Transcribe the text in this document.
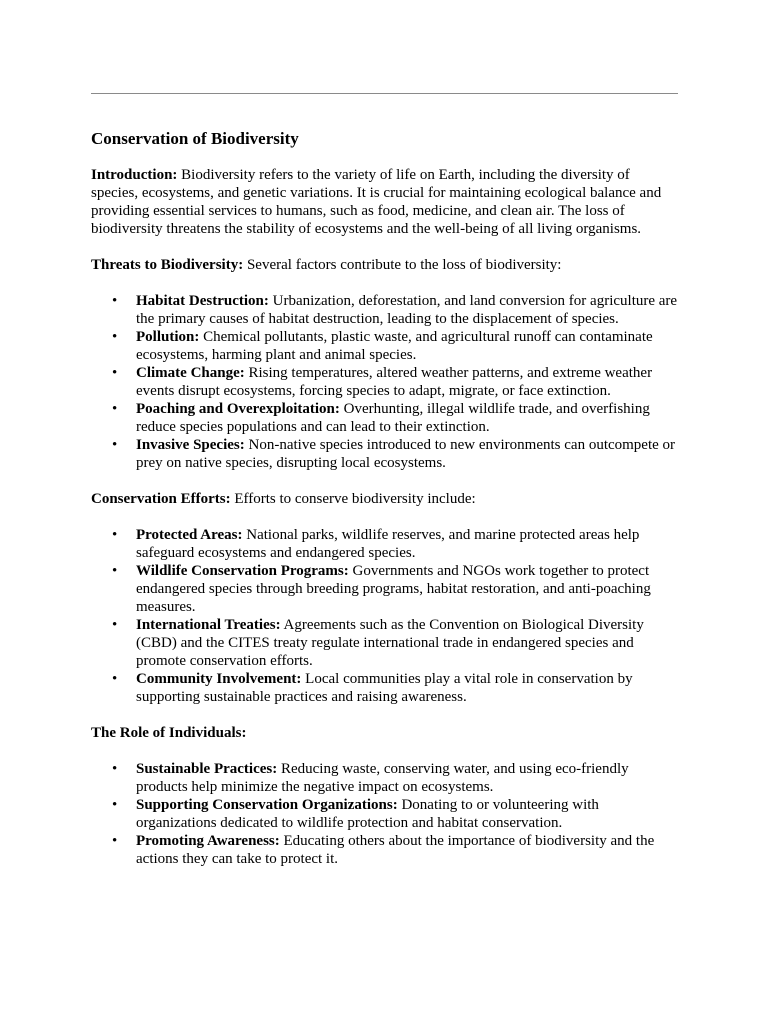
Conservation of Biodiversity

Introduction: Biodiversity refers to the variety of life on Earth, including the diversity of species, ecosystems, and genetic variations. It is crucial for maintaining ecological balance and providing essential services to humans, such as food, medicine, and clean air. The loss of biodiversity threatens the stability of ecosystems and the well-being of all living organisms.

Threats to Biodiversity: Several factors contribute to the loss of biodiversity:

• Habitat Destruction: Urbanization, deforestation, and land conversion for agriculture are the primary causes of habitat destruction, leading to the displacement of species.
• Pollution: Chemical pollutants, plastic waste, and agricultural runoff can contaminate ecosystems, harming plant and animal species.
• Climate Change: Rising temperatures, altered weather patterns, and extreme weather events disrupt ecosystems, forcing species to adapt, migrate, or face extinction.
• Poaching and Overexploitation: Overhunting, illegal wildlife trade, and overfishing reduce species populations and can lead to their extinction.
• Invasive Species: Non-native species introduced to new environments can outcompete or prey on native species, disrupting local ecosystems.

Conservation Efforts: Efforts to conserve biodiversity include:

• Protected Areas: National parks, wildlife reserves, and marine protected areas help safeguard ecosystems and endangered species.
• Wildlife Conservation Programs: Governments and NGOs work together to protect endangered species through breeding programs, habitat restoration, and anti-poaching measures.
• International Treaties: Agreements such as the Convention on Biological Diversity (CBD) and the CITES treaty regulate international trade in endangered species and promote conservation efforts.
• Community Involvement: Local communities play a vital role in conservation by supporting sustainable practices and raising awareness.

The Role of Individuals:

• Sustainable Practices: Reducing waste, conserving water, and using eco-friendly products help minimize the negative impact on ecosystems.
• Supporting Conservation Organizations: Donating to or volunteering with organizations dedicated to wildlife protection and habitat conservation.
• Promoting Awareness: Educating others about the importance of biodiversity and the actions they can take to protect it.
